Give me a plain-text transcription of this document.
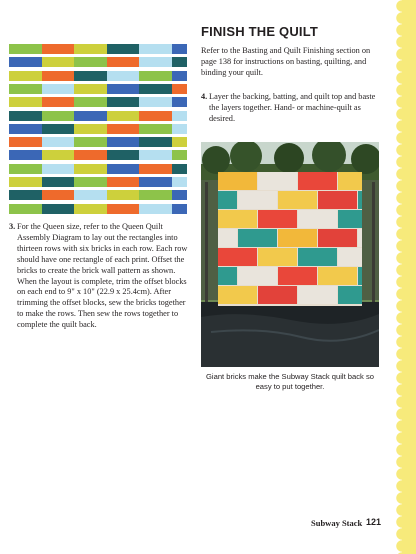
3. For the Queen size, refer to the Queen Quilt Assembly Diagram to lay out the rectangles into thirteen rows with six bricks in each row. Each row should have one rectangle of each print. Offset the bricks to create the brick wall pattern as shown. When the layout is complete, trim the offset blocks on each end to 9" x 10" (22.9 x 25.4cm). After trimming the offset blocks, sew the bricks together to make the rows. Then sew the rows together to complete the quilt back.
FINISH THE QUILT
Refer to the Basting and Quilt Finishing section on page 138 for instructions on basting, quilting, and binding your quilt.
4. Layer the backing, batting, and quilt top and baste the layers together. Hand- or machine-quilt as desired.
Giant bricks make the Subway Stack quilt back so easy to put together.
Subway Stack 121
